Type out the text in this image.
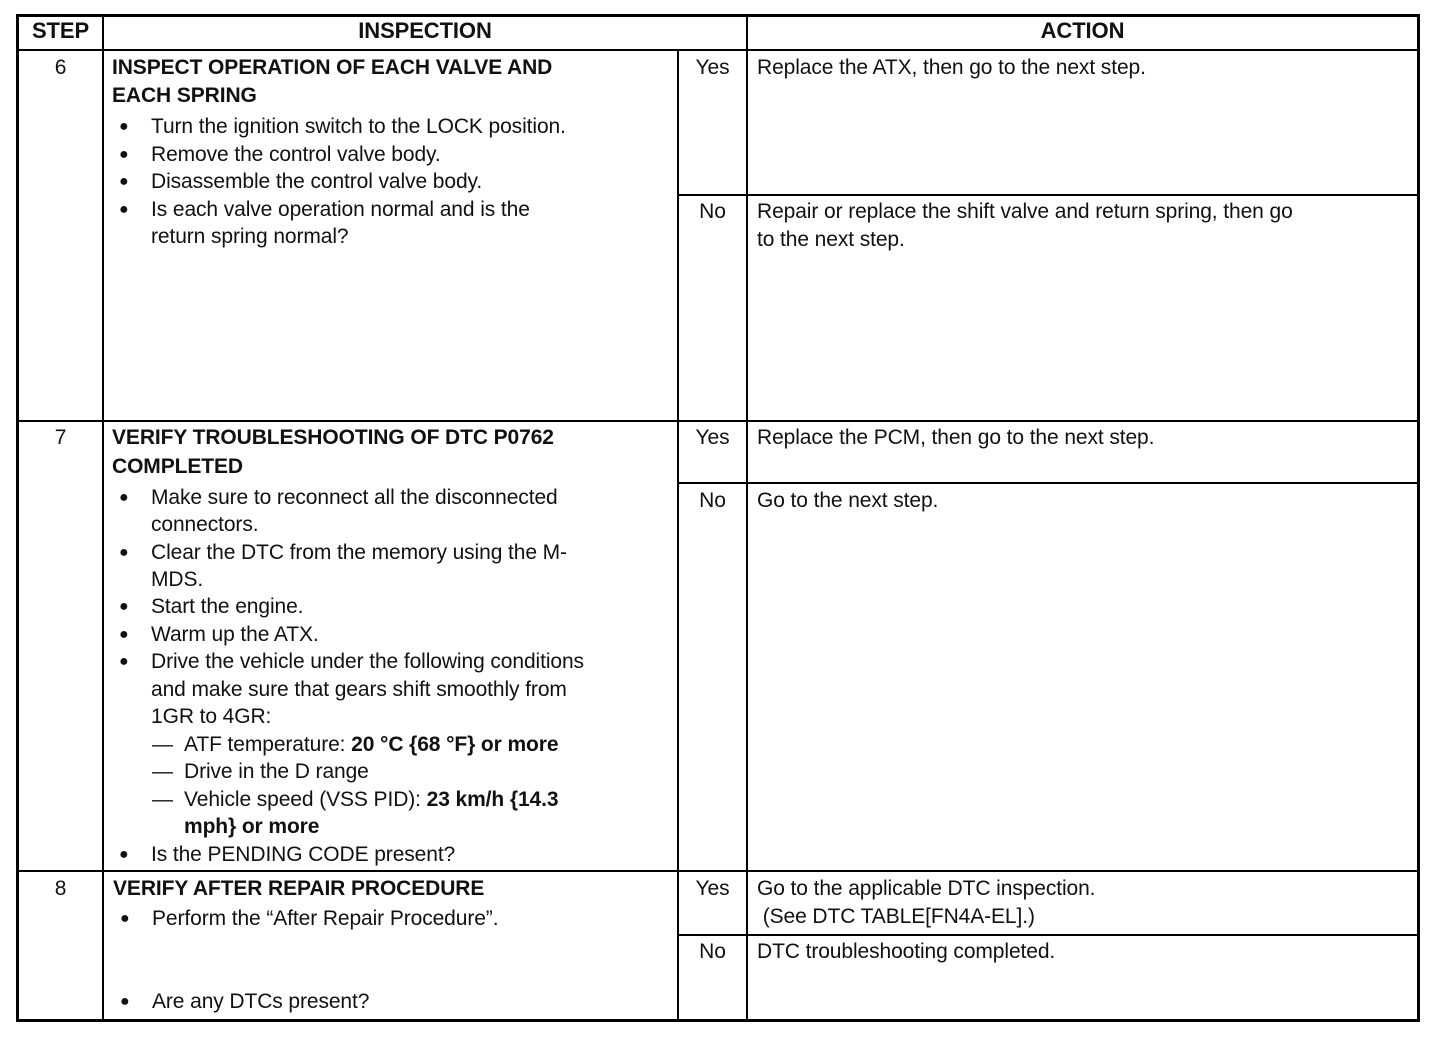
STEP	INSPECTION	ACTION
6	INSPECT OPERATION OF EACH VALVE AND
EACH SPRING
● Turn the ignition switch to the LOCK position.
● Remove the control valve body.
● Disassemble the control valve body.
● Is each valve operation normal and is the
return spring normal?
Yes	Replace the ATX, then go to the next step.
No	Repair or replace the shift valve and return spring, then go
to the next step.
7	VERIFY TROUBLESHOOTING OF DTC P0762
COMPLETED
● Make sure to reconnect all the disconnected
connectors.
● Clear the DTC from the memory using the M-
MDS.
● Start the engine.
● Warm up the ATX.
● Drive the vehicle under the following conditions
and make sure that gears shift smoothly from
1GR to 4GR:
— ATF temperature: 20 °C {68 °F} or more
— Drive in the D range
— Vehicle speed (VSS PID): 23 km/h {14.3
mph} or more
● Is the PENDING CODE present?
Yes	Replace the PCM, then go to the next step.
No	Go to the next step.
8	VERIFY AFTER REPAIR PROCEDURE
● Perform the “After Repair Procedure”.
● Are any DTCs present?
Yes	Go to the applicable DTC inspection.
(See DTC TABLE[FN4A-EL].)
No	DTC troubleshooting completed.
